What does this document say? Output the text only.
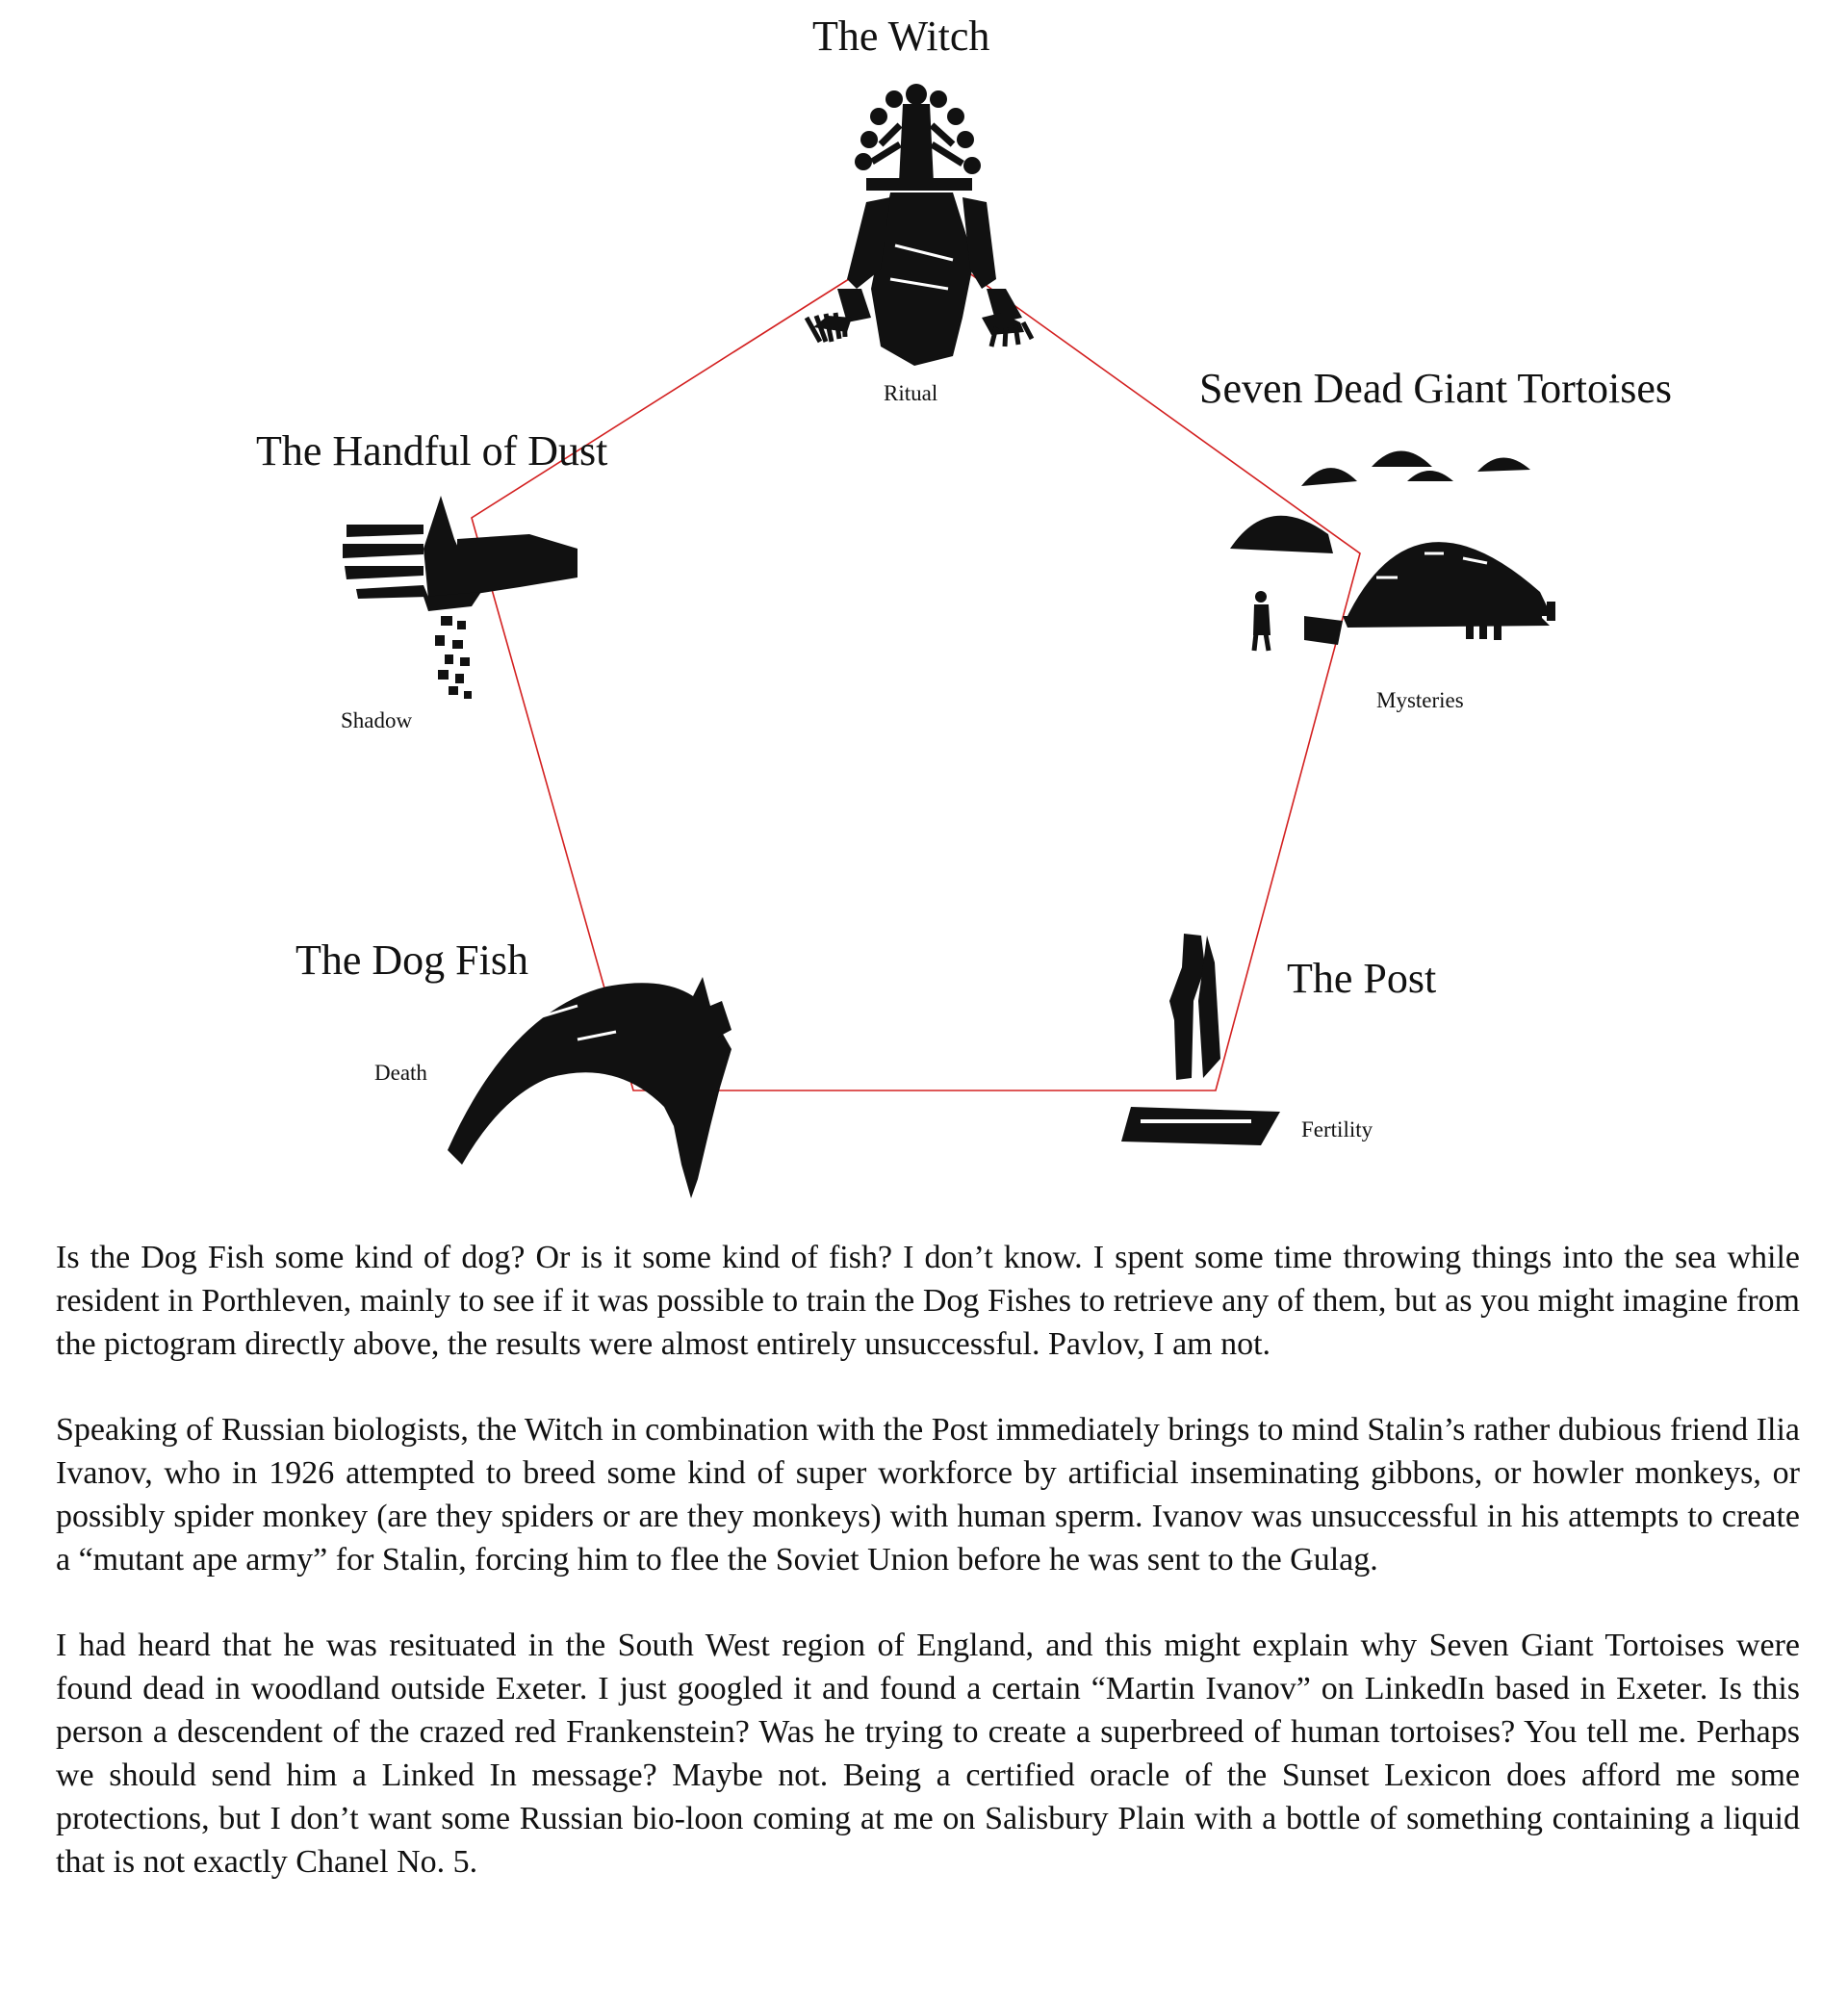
The Witch
Ritual	Seven Dead Giant Tortoises
Mysteries
The Post
Fertility
The Dog Fish
Death
The Handful of Dust
Shadow

Is the Dog Fish some kind of dog? Or is it some kind of fish? I don’t know. I spent some time throwing things into the sea while resident in Porthleven, mainly to see if it was possible to train the Dog Fishes to retrieve any of them, but as you might imagine from the pictogram directly above, the results were almost entirely unsuccessful. Pavlov, I am not.

Speaking of Russian biologists, the Witch in combination with the Post immediately brings to mind Stalin’s rather dubious friend Ilia Ivanov, who in 1926 attempted to breed some kind of super workforce by artificial inseminating gibbons, or howler monkeys, or possibly spider monkey (are they spiders or are they monkeys) with human sperm. Ivanov was unsuccessful in his attempts to create a “mutant ape army” for Stalin, forcing him to flee the Soviet Union before he was sent to the Gulag.

I had heard that he was resituated in the South West region of England, and this might explain why Seven Giant Tortoises were found dead in woodland outside Exeter. I just googled it and found a certain “Martin Ivanov” on LinkedIn based in Exeter. Is this person a descendent of the crazed red Frankenstein? Was he trying to create a superbreed of human tortoises? You tell me. Perhaps we should send him a Linked In message? Maybe not. Being a certified oracle of the Sunset Lexicon does afford me some protections, but I don’t want some Russian bio-loon coming at me on Salisbury Plain with a bottle of something containing a liquid that is not exactly Chanel No. 5.
